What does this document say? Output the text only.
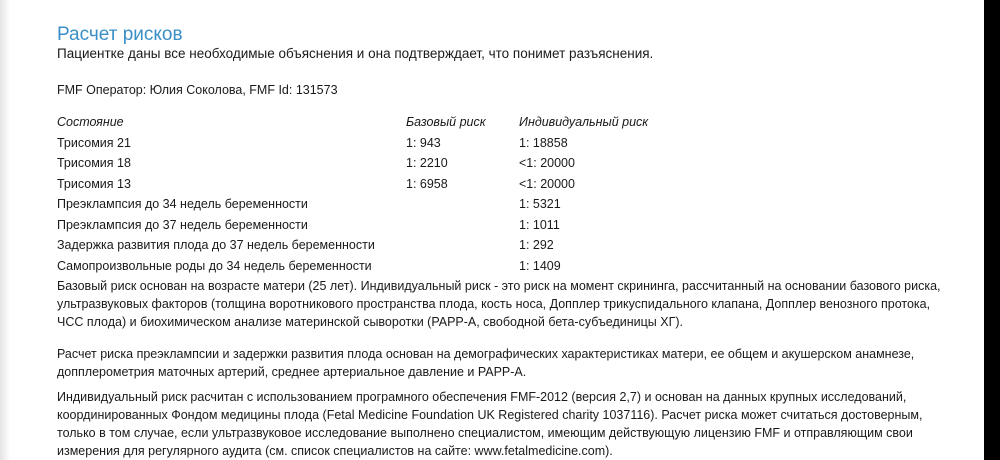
Расчет рисков

Пациентке даны все необходимые объяснения и она подтверждает, что понимет разъяснения.

FMF Оператор: Юлия Соколова, FMF Id: 131573

Состояние	Базовый риск	Индивидуальный риск
Трисомия 21	1: 943	1: 18858
Трисомия 18	1: 2210	<1: 20000
Трисомия 13	1: 6958	<1: 20000
Преэклампсия до 34 недель беременности		1: 5321
Преэклампсия до 37 недель беременности		1: 1011
Задержка развития плода до 37 недель беременности		1: 292
Самопроизвольные роды до 34 недель беременности		1: 1409

Базовый риск основан на возрасте матери (25 лет). Индивидуальный риск - это риск на момент скрининга, рассчитанный на основании базового риска, ультразвуковых факторов (толщина воротникового пространства плода, кость носа, Допплер трикуспидального клапана, Допплер венозного протока, ЧСС плода) и биохимическом анализе материнской сыворотки (PAPP-A, свободной бета-субъединицы ХГ).

Расчет риска преэклампсии и задержки развития плода основан на демографических характеристиках матери, ее общем и акушерском анамнезе, допплерометрия маточных артерий, среднее артериальное давление и PAPP-A.

Индивидуальный риск расчитан с использованием програмного обеспечения FMF-2012 (версия 2,7) и основан на данных крупных исследований, координированных Фондом медицины плода (Fetal Medicine Foundation UK Registered charity 1037116). Расчет риска может считаться достоверным, только в том случае, если ультразвуковое исследование выполнено специалистом, имеющим действующую лицензию FMF и отправляющим свои измерения для регулярного аудита (см. список специалистов на сайте: www.fetalmedicine.com).
